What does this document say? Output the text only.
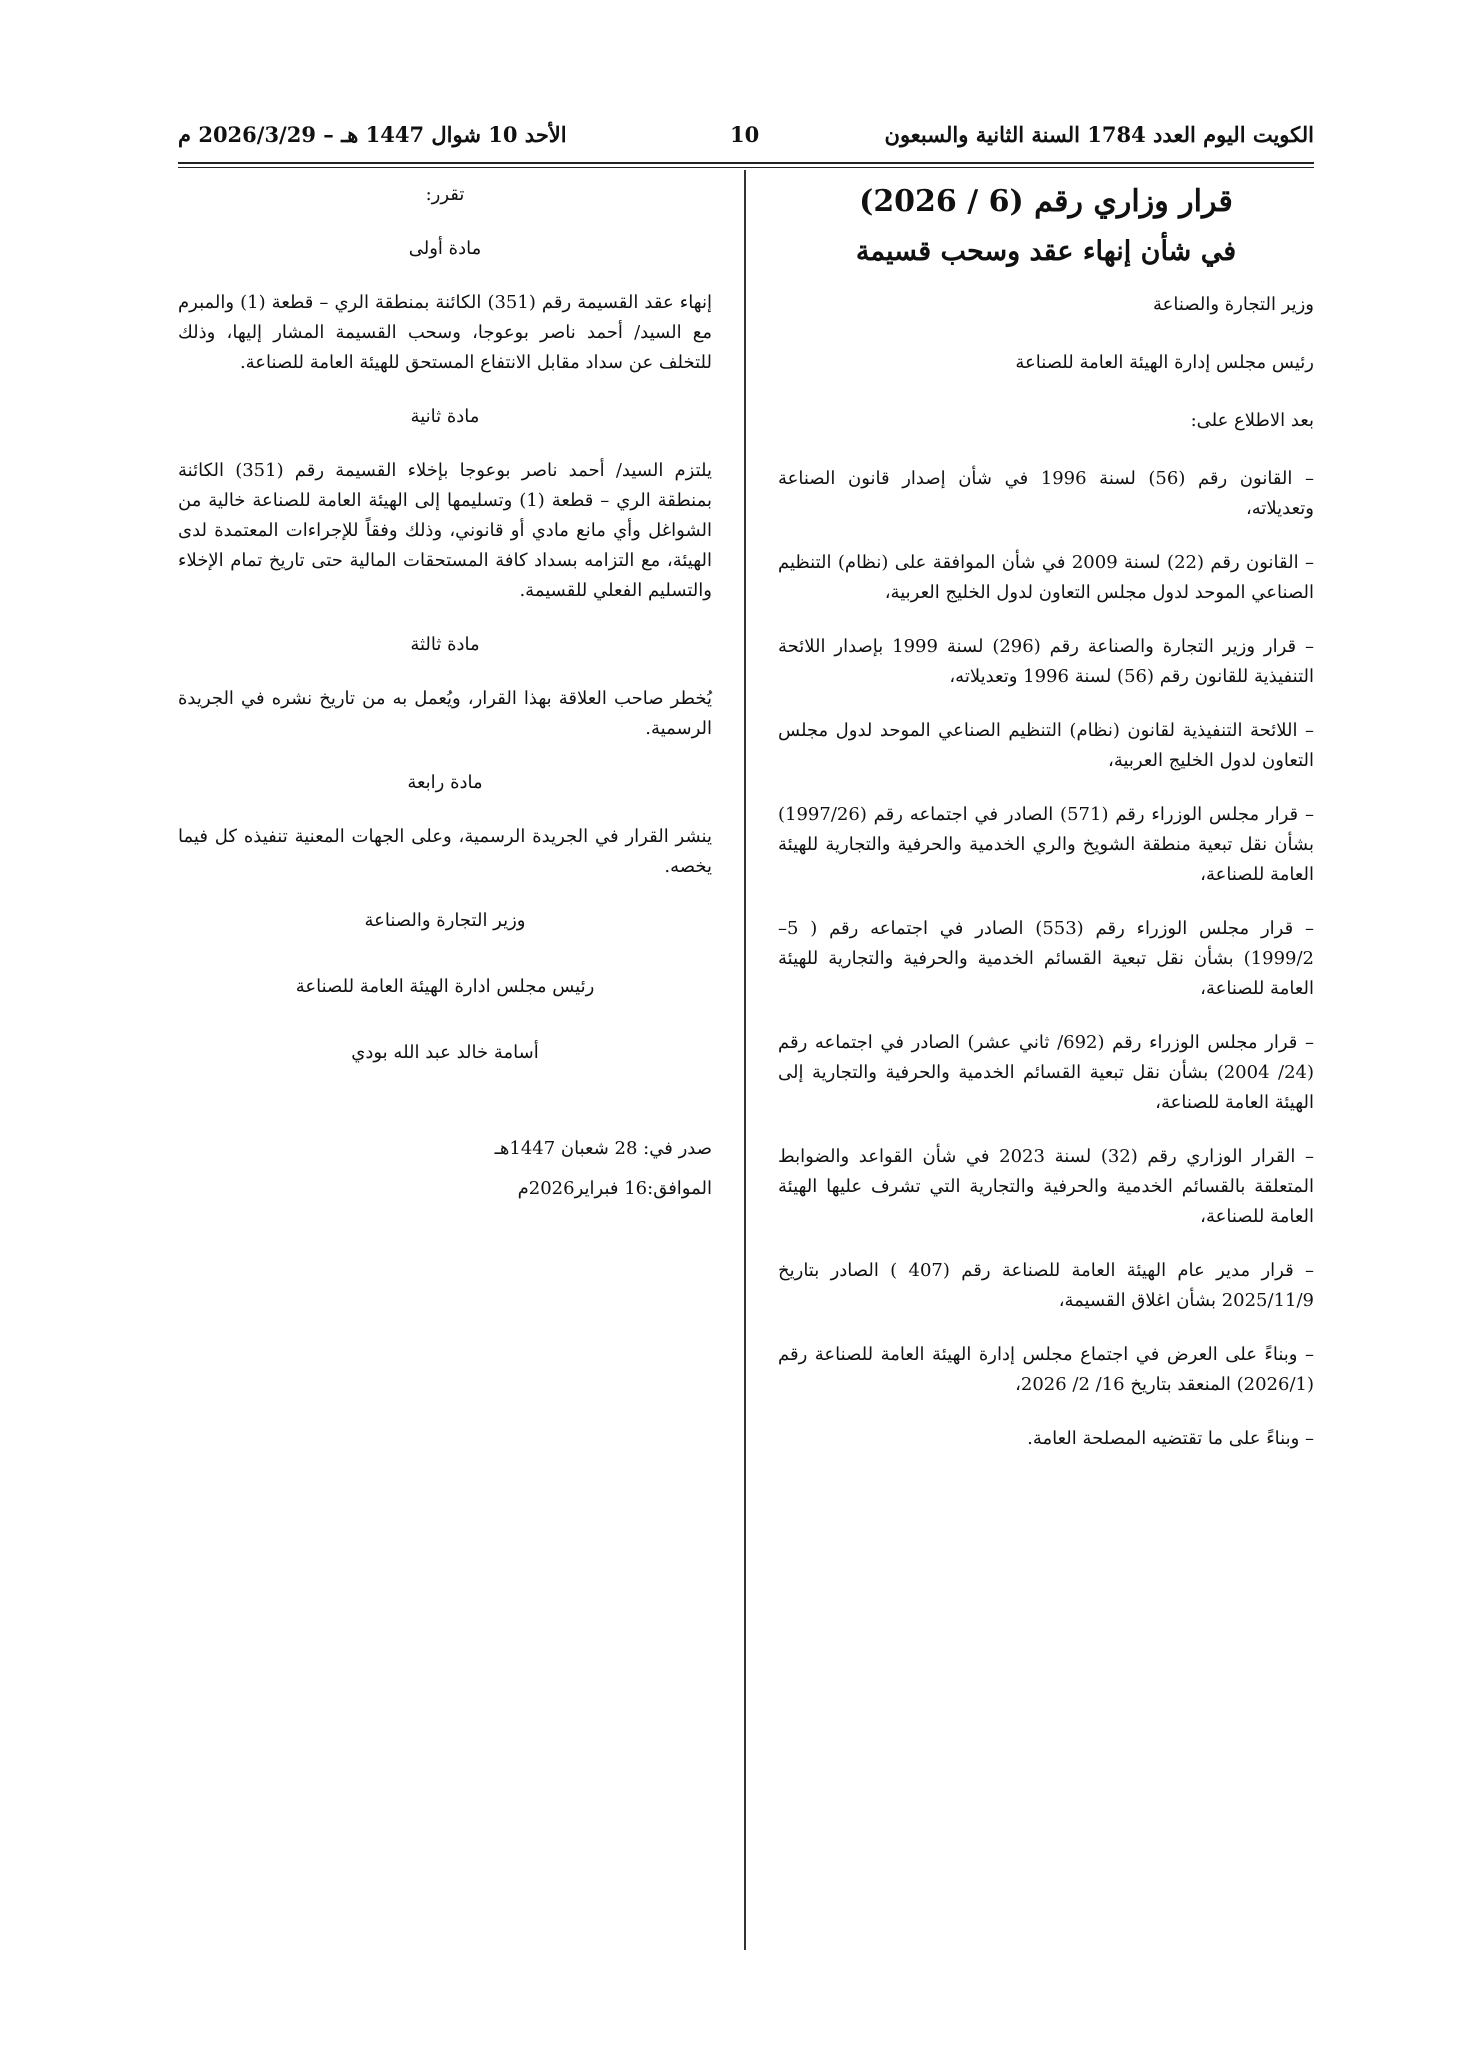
الكويت اليوم العدد 1784 السنة الثانية والسبعون
10
الأحد 10 شوال 1447 هـ – 2026/3/29 م
قرار وزاري رقم (6 / 2026)
في شأن إنهاء عقد وسحب قسيمة

وزير التجارة والصناعة

رئيس مجلس إدارة الهيئة العامة للصناعة

بعد الاطلاع على:

– القانون رقم (56) لسنة 1996 في شأن إصدار قانون الصناعة وتعديلاته،

– القانون رقم (22) لسنة 2009 في شأن الموافقة على (نظام) التنظيم الصناعي الموحد لدول مجلس التعاون لدول الخليج العربية،

– قرار وزير التجارة والصناعة رقم (296) لسنة 1999 بإصدار اللائحة التنفيذية للقانون رقم (56) لسنة 1996 وتعديلاته،

– اللائحة التنفيذية لقانون (نظام) التنظيم الصناعي الموحد لدول مجلس التعاون لدول الخليج العربية،

– قرار مجلس الوزراء رقم (571) الصادر في اجتماعه رقم (1997/26) بشأن نقل تبعية منطقة الشويخ والري الخدمية والحرفية والتجارية للهيئة العامة للصناعة،

– قرار مجلس الوزراء رقم (553) الصادر في اجتماعه رقم ( 5–1999/2) بشأن نقل تبعية القسائم الخدمية والحرفية والتجارية للهيئة العامة للصناعة،

– قرار مجلس الوزراء رقم (692/ ثاني عشر) الصادر في اجتماعه رقم (24/ 2004) بشأن نقل تبعية القسائم الخدمية والحرفية والتجارية إلى الهيئة العامة للصناعة،

– القرار الوزاري رقم (32) لسنة 2023 في شأن القواعد والضوابط المتعلقة بالقسائم الخدمية والحرفية والتجارية التي تشرف عليها الهيئة العامة للصناعة،

– قرار مدير عام الهيئة العامة للصناعة رقم (407 ) الصادر بتاريخ 2025/11/9 بشأن اغلاق القسيمة،

– وبناءً على العرض في اجتماع مجلس إدارة الهيئة العامة للصناعة رقم (2026/1) المنعقد بتاريخ 16/ 2/ 2026،

– وبناءً على ما تقتضيه المصلحة العامة.

تقرر:

مادة أولى

إنهاء عقد القسيمة رقم (351) الكائنة بمنطقة الري – قطعة (1) والمبرم مع السيد/ أحمد ناصر بوعوجا، وسحب القسيمة المشار إليها، وذلك للتخلف عن سداد مقابل الانتفاع المستحق للهيئة العامة للصناعة.

مادة ثانية

يلتزم السيد/ أحمد ناصر بوعوجا بإخلاء القسيمة رقم (351) الكائنة بمنطقة الري – قطعة (1) وتسليمها إلى الهيئة العامة للصناعة خالية من الشواغل وأي مانع مادي أو قانوني، وذلك وفقاً للإجراءات المعتمدة لدى الهيئة، مع التزامه بسداد كافة المستحقات المالية حتى تاريخ تمام الإخلاء والتسليم الفعلي للقسيمة.

مادة ثالثة

يُخطر صاحب العلاقة بهذا القرار، ويُعمل به من تاريخ نشره في الجريدة الرسمية.

مادة رابعة

ينشر القرار في الجريدة الرسمية، وعلى الجهات المعنية تنفيذه كل فيما يخصه.

وزير التجارة والصناعة

رئيس مجلس ادارة الهيئة العامة للصناعة

أسامة خالد عبد الله بودي

صدر في: 28 شعبان 1447هـ

الموافق:16 فبراير2026م
